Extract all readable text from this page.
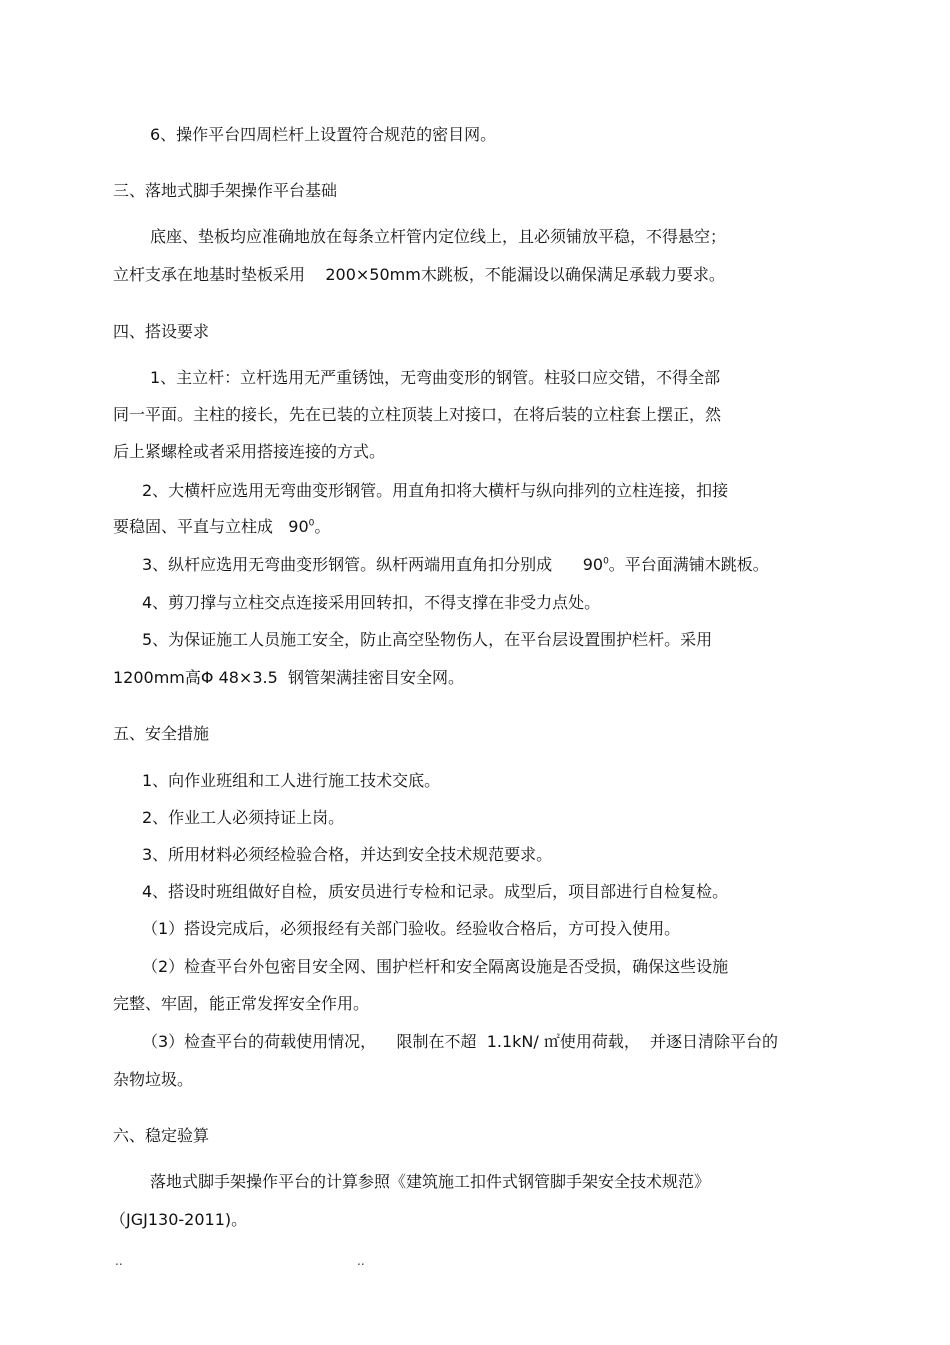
6、操作平台四周栏杆上设置符合规范的密目网。
三、落地式脚手架操作平台基础
底座、垫板均应准确地放在每条立杆管内定位线上，且必须铺放平稳，不得悬空；
立杆支承在地基时垫板采用    200×50mm木跳板，不能漏设以确保满足承载力要求。
四、搭设要求
1、主立杆：立杆选用无严重锈蚀，无弯曲变形的钢管。柱驳口应交错，不得全部
同一平面。主柱的接长，先在已装的立柱顶装上对接口，在将后装的立柱套上摆正，然
后上紧螺栓或者采用搭接连接的方式。
2、大横杆应选用无弯曲变形钢管。用直角扣将大横杆与纵向排列的立柱连接，扣接
要稳固、平直与立柱成   $90^0$。
3、纵杆应选用无弯曲变形钢管。纵杆两端用直角扣分别成      $90^0$。平台面满铺木跳板。
4、剪刀撑与立柱交点连接采用回转扣，不得支撑在非受力点处。
5、为保证施工人员施工安全，防止高空坠物伤人，在平台层设置围护栏杆。采用
1200mm高Φ 48×3.5  钢管架满挂密目安全网。
五、安全措施
1、向作业班组和工人进行施工技术交底。
2、作业工人必须持证上岗。
3、所用材料必须经检验合格，并达到安全技术规范要求。
4、搭设时班组做好自检，质安员进行专检和记录。成型后，项目部进行自检复检。
（1）搭设完成后，必须报经有关部门验收。经验收合格后，方可投入使用。
（2）检查平台外包密目安全网、围护栏杆和安全隔离设施是否受损，确保这些设施
完整、牢固，能正常发挥安全作用。
（3）检查平台的荷载使用情况，    限制在不超  1.1kN/ ㎡使用荷载，  并逐日清除平台的
杂物垃圾。
六、稳定验算
落地式脚手架操作平台的计算参照《建筑施工扣件式钢管脚手架安全技术规范》
（JGJ130-2011)。
..	..
